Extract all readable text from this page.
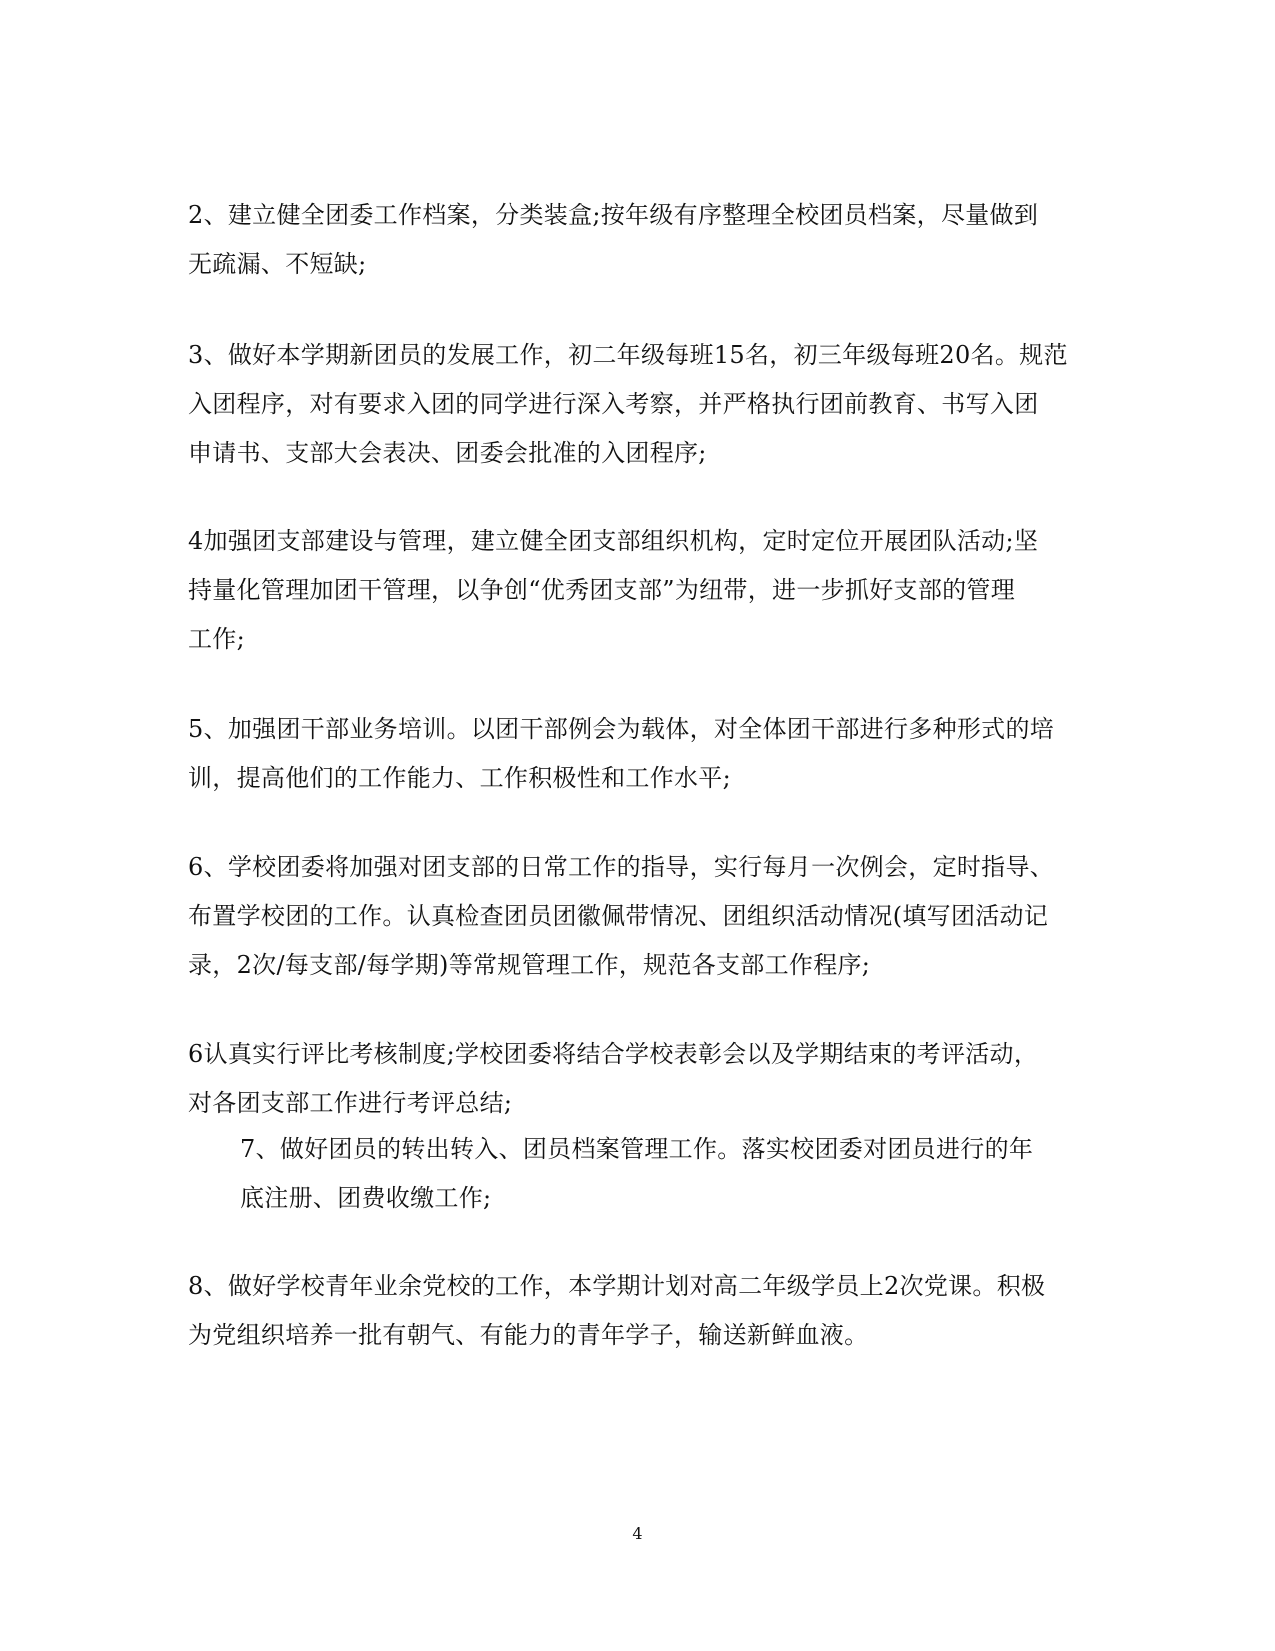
2、建立健全团委工作档案，分类装盒;按年级有序整理全校团员档案，尽量做到
无疏漏、不短缺;
3、做好本学期新团员的发展工作，初二年级每班15名，初三年级每班20名。规范
入团程序，对有要求入团的同学进行深入考察，并严格执行团前教育、书写入团
申请书、支部大会表决、团委会批准的入团程序;
4加强团支部建设与管理，建立健全团支部组织机构，定时定位开展团队活动;坚
持量化管理加团干管理，以争创“优秀团支部”为纽带，进一步抓好支部的管理
工作;
5、加强团干部业务培训。以团干部例会为载体，对全体团干部进行多种形式的培
训，提高他们的工作能力、工作积极性和工作水平;
6、学校团委将加强对团支部的日常工作的指导，实行每月一次例会，定时指导、
布置学校团的工作。认真检查团员团徽佩带情况、团组织活动情况(填写团活动记
录，2次/每支部/每学期)等常规管理工作，规范各支部工作程序;
6认真实行评比考核制度;学校团委将结合学校表彰会以及学期结束的考评活动，
对各团支部工作进行考评总结;
7、做好团员的转出转入、团员档案管理工作。落实校团委对团员进行的年
底注册、团费收缴工作;
8、做好学校青年业余党校的工作，本学期计划对高二年级学员上2次党课。积极
为党组织培养一批有朝气、有能力的青年学子，输送新鲜血液。
4
